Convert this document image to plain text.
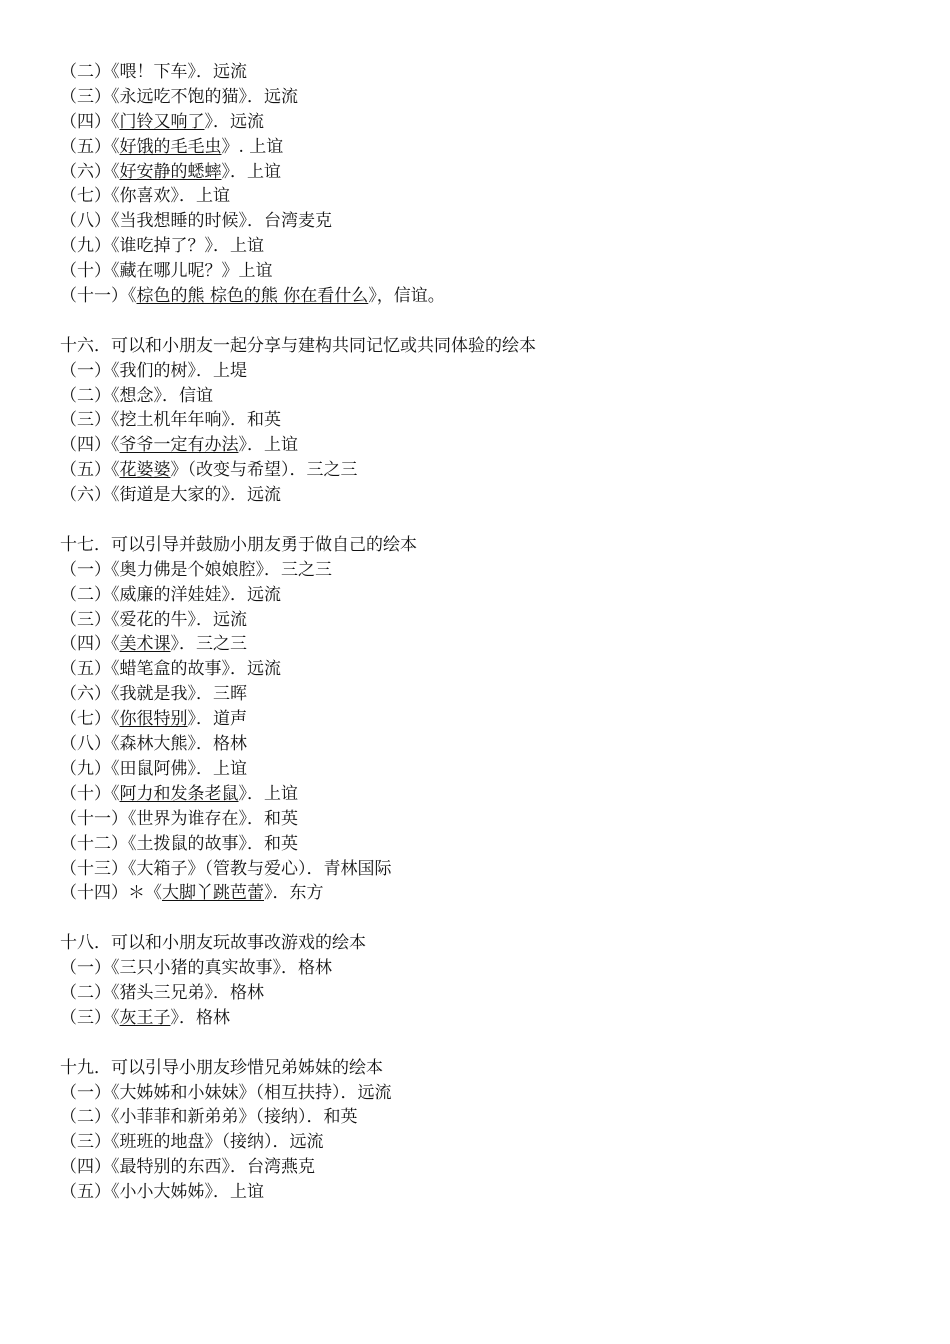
（二）《喂！下车》．远流
（三）《永远吃不饱的猫》．远流
（四）《门铃又响了》．远流
（五）《好饿的毛毛虫》. 上谊
（六）《好安静的蟋蟀》．上谊
（七）《你喜欢》．上谊
（八）《当我想睡的时候》．台湾麦克
（九）《谁吃掉了？》．上谊
（十）《藏在哪儿呢？》上谊
（十一）《棕色的熊 棕色的熊 你在看什么》，信谊。
十六．可以和小朋友一起分享与建构共同记忆或共同体验的绘本
（一）《我们的树》．上堤
（二）《想念》．信谊
（三）《挖土机年年响》．和英
（四）《爷爷一定有办法》．上谊
（五）《花婆婆》（改变与希望）．三之三
（六）《街道是大家的》．远流
十七．可以引导并鼓励小朋友勇于做自己的绘本
（一）《奥力佛是个娘娘腔》．三之三
（二）《威廉的洋娃娃》．远流
（三）《爱花的牛》．远流
（四）《美术课》．三之三
（五）《蜡笔盒的故事》．远流
（六）《我就是我》．三晖
（七）《你很特别》．道声
（八）《森林大熊》．格林
（九）《田鼠阿佛》．上谊
（十）《阿力和发条老鼠》．上谊
（十一）《世界为谁存在》．和英
（十二）《土拨鼠的故事》．和英
（十三）《大箱子》（管教与爱心）．青林国际
（十四）＊《大脚丫跳芭蕾》．东方
十八．可以和小朋友玩故事改游戏的绘本
（一）《三只小猪的真实故事》．格林
（二）《猪头三兄弟》．格林
（三）《灰王子》．格林
十九．可以引导小朋友珍惜兄弟姊妹的绘本
（一）《大姊姊和小妹妹》（相互扶持）．远流
（二）《小菲菲和新弟弟》（接纳）．和英
（三）《班班的地盘》（接纳）．远流
（四）《最特别的东西》．台湾燕克
（五）《小小大姊姊》．上谊
